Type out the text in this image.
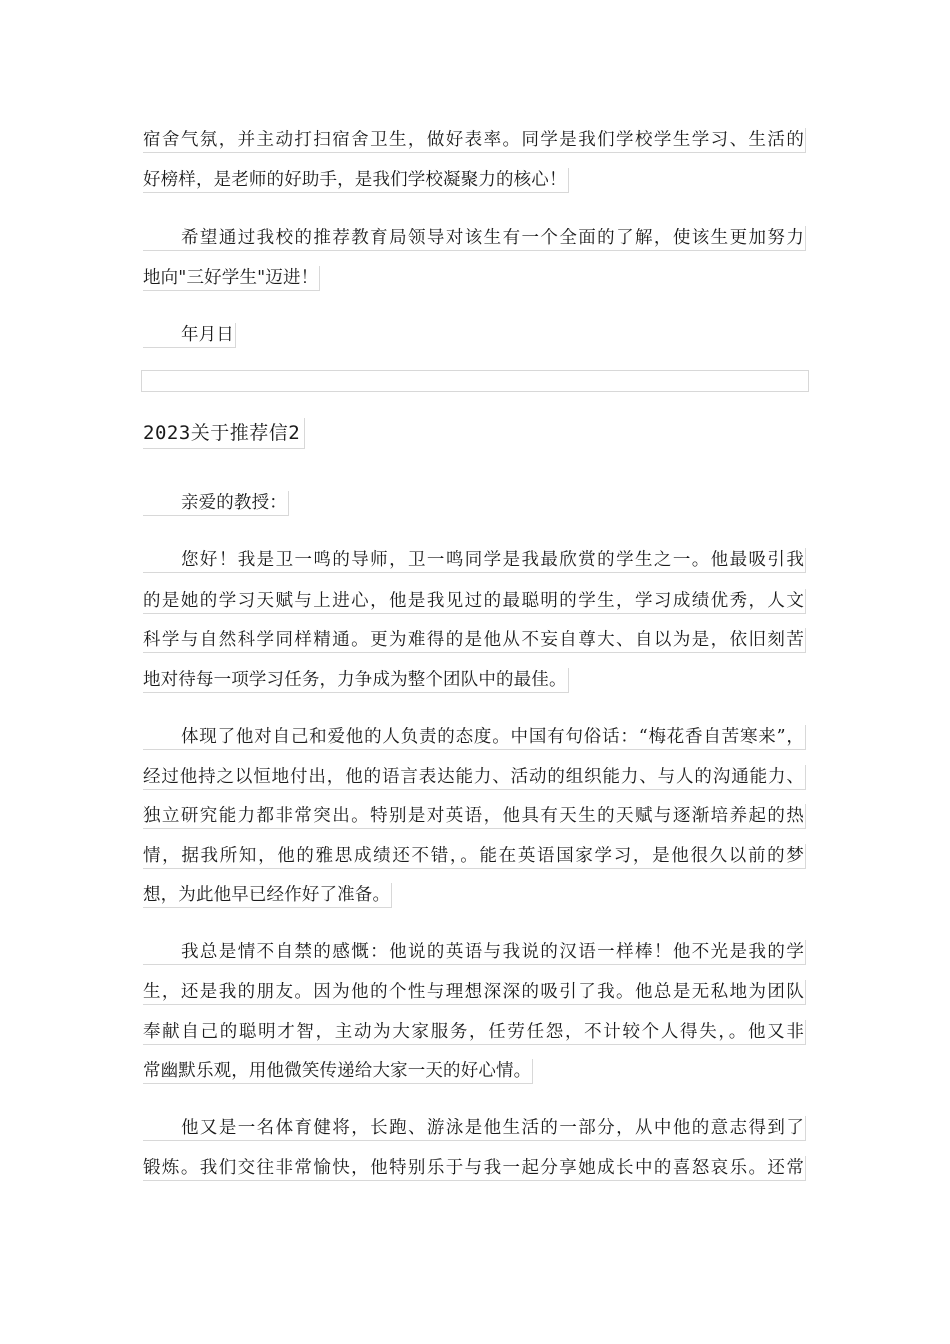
宿舍气氛，并主动打扫宿舍卫生，做好表率。同学是我们学校学生学习、生活的
好榜样，是老师的好助手，是我们学校凝聚力的核心！
希望通过我校的推荐教育局领导对该生有一个全面的了解，使该生更加努力
地向"三好学生"迈进！
年月日
2023关于推荐信2
亲爱的教授：
您好！我是卫一鸣的导师，卫一鸣同学是我最欣赏的学生之一。他最吸引我
的是她的学习天赋与上进心，他是我见过的最聪明的学生，学习成绩优秀，人文
科学与自然科学同样精通。更为难得的是他从不妄自尊大、自以为是，依旧刻苦
地对待每一项学习任务，力争成为整个团队中的最佳。
体现了他对自己和爱他的人负责的态度。中国有句俗话：“梅花香自苦寒来”，
经过他持之以恒地付出，他的语言表达能力、活动的组织能力、与人的沟通能力、
独立研究能力都非常突出。特别是对英语，他具有天生的天赋与逐渐培养起的热
情，据我所知，他的雅思成绩还不错，。能在英语国家学习，是他很久以前的梦
想，为此他早已经作好了准备。
我总是情不自禁的感慨：他说的英语与我说的汉语一样棒！他不光是我的学
生，还是我的朋友。因为他的个性与理想深深的吸引了我。他总是无私地为团队
奉献自己的聪明才智，主动为大家服务，任劳任怨，不计较个人得失，。他又非
常幽默乐观，用他微笑传递给大家一天的好心情。
他又是一名体育健将，长跑、游泳是他生活的一部分，从中他的意志得到了
锻炼。我们交往非常愉快，他特别乐于与我一起分享她成长中的喜怒哀乐。还常
